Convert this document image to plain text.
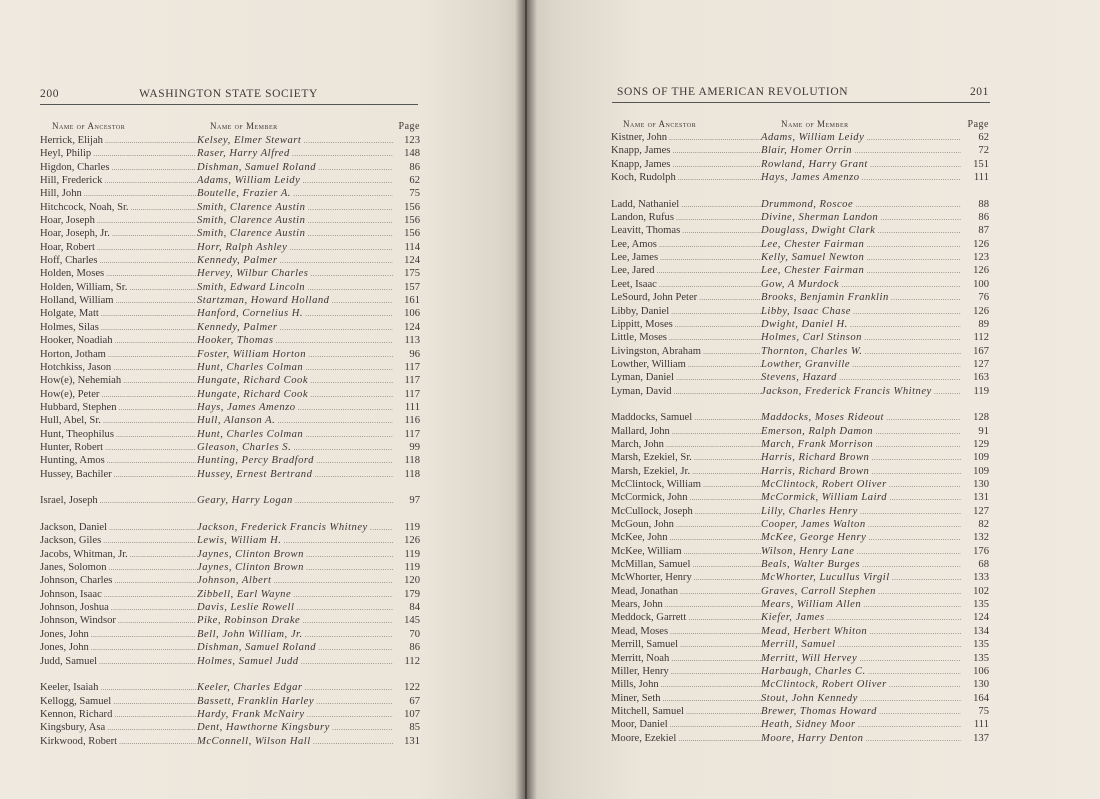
200	WASHINGTON STATE SOCIETY
Name of Ancestor	Name of Member	Page
Herrick, Elijah .....	Kelsey, Elmer Stewart .....	123
Heyl, Philip .....	Raser, Harry Alfred .....	148
Higdon, Charles .....	Dishman, Samuel Roland .....	86
Hill, Frederick .....	Adams, William Leidy .....	62
Hill, John .....	Boutelle, Frazier A. .....	75
Hitchcock, Noah, Sr. .....	Smith, Clarence Austin .....	156
Hoar, Joseph .....	Smith, Clarence Austin .....	156
Hoar, Joseph, Jr. .....	Smith, Clarence Austin .....	156
Hoar, Robert .....	Horr, Ralph Ashley .....	114
Hoff, Charles .....	Kennedy, Palmer .....	124
Holden, Moses .....	Hervey, Wilbur Charles .....	175
Holden, William, Sr. .....	Smith, Edward Lincoln .....	157
Holland, William .....	Startzman, Howard Holland .....	161
Holgate, Matt .....	Hanford, Cornelius H. .....	106
Holmes, Silas .....	Kennedy, Palmer .....	124
Hooker, Noadiah .....	Hooker, Thomas .....	113
Horton, Jotham .....	Foster, William Horton .....	96
Hotchkiss, Jason .....	Hunt, Charles Colman .....	117
How(e), Nehemiah .....	Hungate, Richard Cook .....	117
How(e), Peter .....	Hungate, Richard Cook .....	117
Hubbard, Stephen .....	Hays, James Amenzo .....	111
Hull, Abel, Sr. .....	Hull, Alanson A. .....	116
Hunt, Theophilus .....	Hunt, Charles Colman .....	117
Hunter, Robert .....	Gleason, Charles S. .....	99
Hunting, Amos .....	Hunting, Percy Bradford .....	118
Hussey, Bachiler .....	Hussey, Ernest Bertrand .....	118
Israel, Joseph .....	Geary, Harry Logan .....	97
Jackson, Daniel .....	Jackson, Frederick Francis Whitney .....	119
Jackson, Giles .....	Lewis, William H. .....	126
Jacobs, Whitman, Jr. .....	Jaynes, Clinton Brown .....	119
Janes, Solomon .....	Jaynes, Clinton Brown .....	119
Johnson, Charles .....	Johnson, Albert .....	120
Johnson, Isaac .....	Zibbell, Earl Wayne .....	179
Johnson, Joshua .....	Davis, Leslie Rowell .....	84
Johnson, Windsor .....	Pike, Robinson Drake .....	145
Jones, John .....	Bell, John William, Jr. .....	70
Jones, John .....	Dishman, Samuel Roland .....	86
Judd, Samuel .....	Holmes, Samuel Judd .....	112
Keeler, Isaiah .....	Keeler, Charles Edgar .....	122
Kellogg, Samuel .....	Bassett, Franklin Harley .....	67
Kennon, Richard .....	Hardy, Frank McNairy .....	107
Kingsbury, Asa .....	Dent, Hawthorne Kingsbury .....	85
Kirkwood, Robert .....	McConnell, Wilson Hall .....	131
SONS OF THE AMERICAN REVOLUTION	201
Name of Ancestor	Name of Member	Page
Kistner, John .....	Adams, William Leidy .....	62
Knapp, James .....	Blair, Homer Orrin .....	72
Knapp, James .....	Rowland, Harry Grant .....	151
Koch, Rudolph .....	Hays, James Amenzo .....	111
Ladd, Nathaniel .....	Drummond, Roscoe .....	88
Landon, Rufus .....	Divine, Sherman Landon .....	86
Leavitt, Thomas .....	Douglass, Dwight Clark .....	87
Lee, Amos .....	Lee, Chester Fairman .....	126
Lee, James .....	Kelly, Samuel Newton .....	123
Lee, Jared .....	Lee, Chester Fairman .....	126
Leet, Isaac .....	Gow, A Murdock .....	100
LeSourd, John Peter .....	Brooks, Benjamin Franklin .....	76
Libby, Daniel .....	Libby, Isaac Chase .....	126
Lippitt, Moses .....	Dwight, Daniel H. .....	89
Little, Moses .....	Holmes, Carl Stinson .....	112
Livingston, Abraham .....	Thornton, Charles W. .....	167
Lowther, William .....	Lowther, Granville .....	127
Lyman, Daniel .....	Stevens, Hazard .....	163
Lyman, David .....	Jackson, Frederick Francis Whitney .....	119
Maddocks, Samuel .....	Maddocks, Moses Rideout .....	128
Mallard, John .....	Emerson, Ralph Damon .....	91
March, John .....	March, Frank Morrison .....	129
Marsh, Ezekiel, Sr. .....	Harris, Richard Brown .....	109
Marsh, Ezekiel, Jr. .....	Harris, Richard Brown .....	109
McClintock, William .....	McClintock, Robert Oliver .....	130
McCormick, John .....	McCormick, William Laird .....	131
McCullock, Joseph .....	Lilly, Charles Henry .....	127
McGoun, John .....	Cooper, James Walton .....	82
McKee, John .....	McKee, George Henry .....	132
McKee, William .....	Wilson, Henry Lane .....	176
McMillan, Samuel .....	Beals, Walter Burges .....	68
McWhorter, Henry .....	McWhorter, Lucullus Virgil .....	133
Mead, Jonathan .....	Graves, Carroll Stephen .....	102
Mears, John .....	Mears, William Allen .....	135
Meddock, Garrett .....	Kiefer, James .....	124
Mead, Moses .....	Mead, Herbert Whiton .....	134
Merrill, Samuel .....	Merrill, Samuel .....	135
Merritt, Noah .....	Merritt, Will Hervey .....	135
Miller, Henry .....	Harbaugh, Charles C. .....	106
Mills, John .....	McClintock, Robert Oliver .....	130
Miner, Seth .....	Stout, John Kennedy .....	164
Mitchell, Samuel .....	Brewer, Thomas Howard .....	75
Moor, Daniel .....	Heath, Sidney Moor .....	111
Moore, Ezekiel .....	Moore, Harry Denton .....	137
